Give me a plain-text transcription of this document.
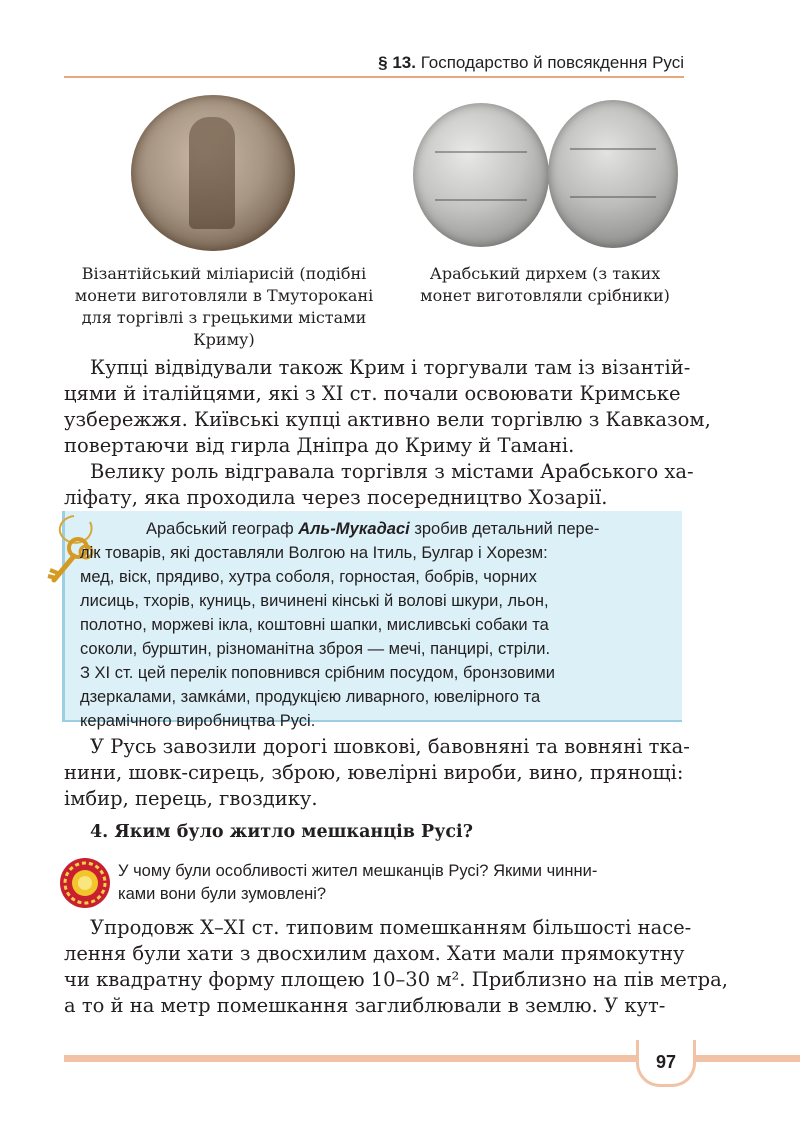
§ 13. Господарство й повсякдення Русі
Візантійський міліарисій (подібні
монети виготовляли в Тмутороканi
для торгівлі з грецькими містами
Криму)
Арабський дирхем (з таких
монет виготовляли срібники)
Купці відвідували також Крим і торгували там із візантій-
цями й італійцями, які з XI ст. почали освоювати Кримське
узбережжя. Київські купці активно вели торгівлю з Кавказом,
повертаючи від гирла Дніпра до Криму й Тамані.
Велику роль відгравала торгівля з містами Арабського ха-
ліфату, яка проходила через посередництво Хозарії.
Арабський географ Аль-Мукадасі зробив детальний пере-
лік товарів, які доставляли Волгою на Ітиль, Булгар і Хорезм:
мед, віск, прядиво, хутра соболя, горностая, бобрів, чорних
лисиць, тхорів, куниць, вичинені кінські й волові шкури, льон,
полотно, моржеві ікла, коштовні шапки, мисливські собаки та
соколи, бурштин, різноманітна зброя — мечі, панцирі, стріли.
З XI ст. цей перелік поповнився срібним посудом, бронзовими
дзеркалами, замка́ми, продукцією ливарного, ювелірного та
керамічного виробництва Русі.
У Русь завозили дорогі шовкові, бавовняні та вовняні тка-
нини, шовк-сирець, зброю, ювелірні вироби, вино, прянощі:
імбир, перець, гвоздику.
4. Яким було житло мешканців Русі?
У чому були особливості жител мешканців Русі? Якими чинни-
ками вони були зумовлені?
Упродовж X–XI ст. типовим помешканням більшості насе-
лення були хати з двосхилим дахом. Хати мали прямокутну
чи квадратну форму площею 10–30 м². Приблизно на пів метра,
а то й на метр помешкання заглиблювали в землю. У кут-
97
